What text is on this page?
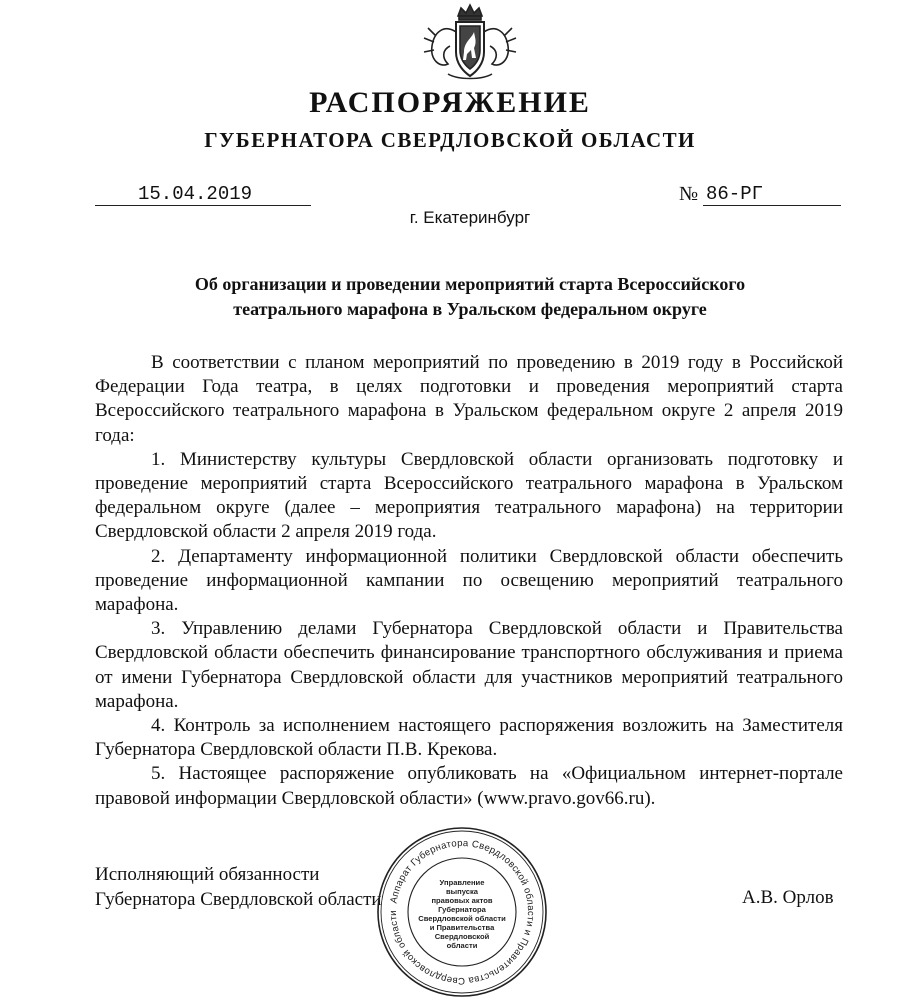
РАСПОРЯЖЕНИЕ
ГУБЕРНАТОРА СВЕРДЛОВСКОЙ ОБЛАСТИ
15.04.2019	№ 86-РГ
г. Екатеринбург
Об организации и проведении мероприятий старта Всероссийского
театрального марафона в Уральском федеральном округе

В соответствии с планом мероприятий по проведению в 2019 году в Российской Федерации Года театра, в целях подготовки и проведения мероприятий старта Всероссийского театрального марафона в Уральском федеральном округе 2 апреля 2019 года:

1. Министерству культуры Свердловской области организовать подготовку и проведение мероприятий старта Всероссийского театрального марафона в Уральском федеральном округе (далее – мероприятия театрального марафона) на территории Свердловской области 2 апреля 2019 года.

2. Департаменту информационной политики Свердловской области обеспечить проведение информационной кампании по освещению мероприятий театрального марафона.

3. Управлению делами Губернатора Свердловской области и Правительства Свердловской области обеспечить финансирование транспортного обслуживания и приема от имени Губернатора Свердловской области для участников мероприятий театрального марафона.

4. Контроль за исполнением настоящего распоряжения возложить на Заместителя Губернатора Свердловской области П.В. Крекова.

5. Настоящее распоряжение опубликовать на «Официальном интернет-портале правовой информации Свердловской области» (www.pravo.gov66.ru).

Исполняющий обязанности
Губернатора Свердловской области	А.В. Орлов
Аппарат Губернатора Свердловской области и Правительства Свердловской области
Управление
выпуска
правовых актов
Губернатора
Свердловской области
и Правительства
Свердловской
области
